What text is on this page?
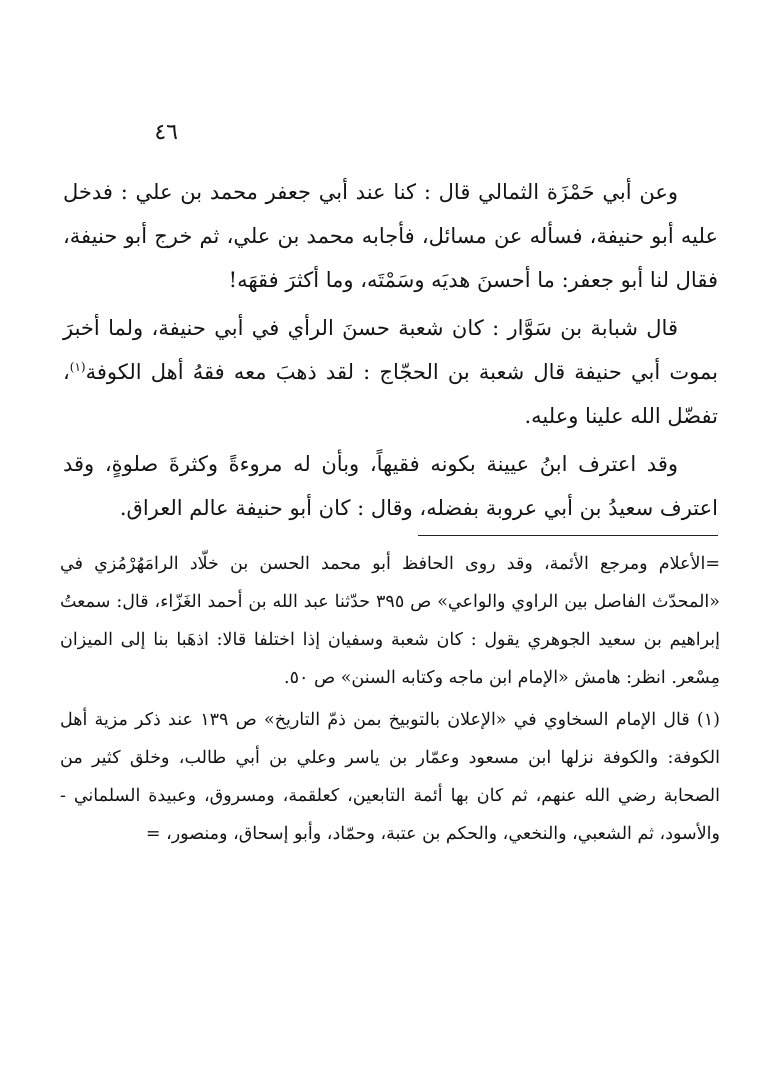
٤٦

وعن أبي حَمْزَة الثمالي قال : كنا عند أبي جعفر محمد بن علي : فدخل عليه أبو حنيفة، فسأله عن مسائل، فأجابه محمد بن علي، ثم خرج أبو حنيفة، فقال لنا أبو جعفر: ما أحسنَ هديَه وسَمْتَه، وما أكثرَ فقهَه!

قال شبابة بن سَوَّار : كان شعبة حسنَ الرأي في أبي حنيفة، ولما أخبرَ بموت أبي حنيفة قال شعبة بن الحجّاج : لقد ذهبَ معه فقهُ أهل الكوفة$^{(١)}$، تفضّل الله علينا وعليه.

وقد اعترف ابنُ عيينة بكونه فقيهاً، وبأن له مروءةً وكثرةَ صلوةٍ، وقد اعترف سعيدُ بن أبي عروبة بفضله، وقال : كان أبو حنيفة عالم العراق.

=الأعلام ومرجع الأئمة، وقد روى الحافظ أبو محمد الحسن بن خلّاد الرامَهُرْمُزي في «المحدّث الفاصل بين الراوي والواعي» ص ٣٩٥ حدّثنا عبد الله بن أحمد الغَزّاء، قال: سمعتُ إبراهيم بن سعيد الجوهري يقول : كان شعبة وسفيان إذا اختلفا قالا: اذهَبا بنا إلى الميزان مِسْعر. انظر: هامش «الإمام ابن ماجه وكتابه السنن» ص ٥٠.

(١) قال الإمام السخاوي في «الإعلان بالتوبيخ بمن ذمّ التاريخ» ص ١٣٩ عند ذكر مزية أهل الكوفة: والكوفة نزلها ابن مسعود وعمّار بن ياسر وعلي بن أبي طالب، وخلق كثير من الصحابة رضي الله عنهم، ثم كان بها أئمة التابعين، كعلقمة، ومسروق، وعبيدة السلماني - والأسود، ثم الشعبي، والنخعي، والحكم بن عتبة، وحمّاد، وأبو إسحاق، ومنصور، =
